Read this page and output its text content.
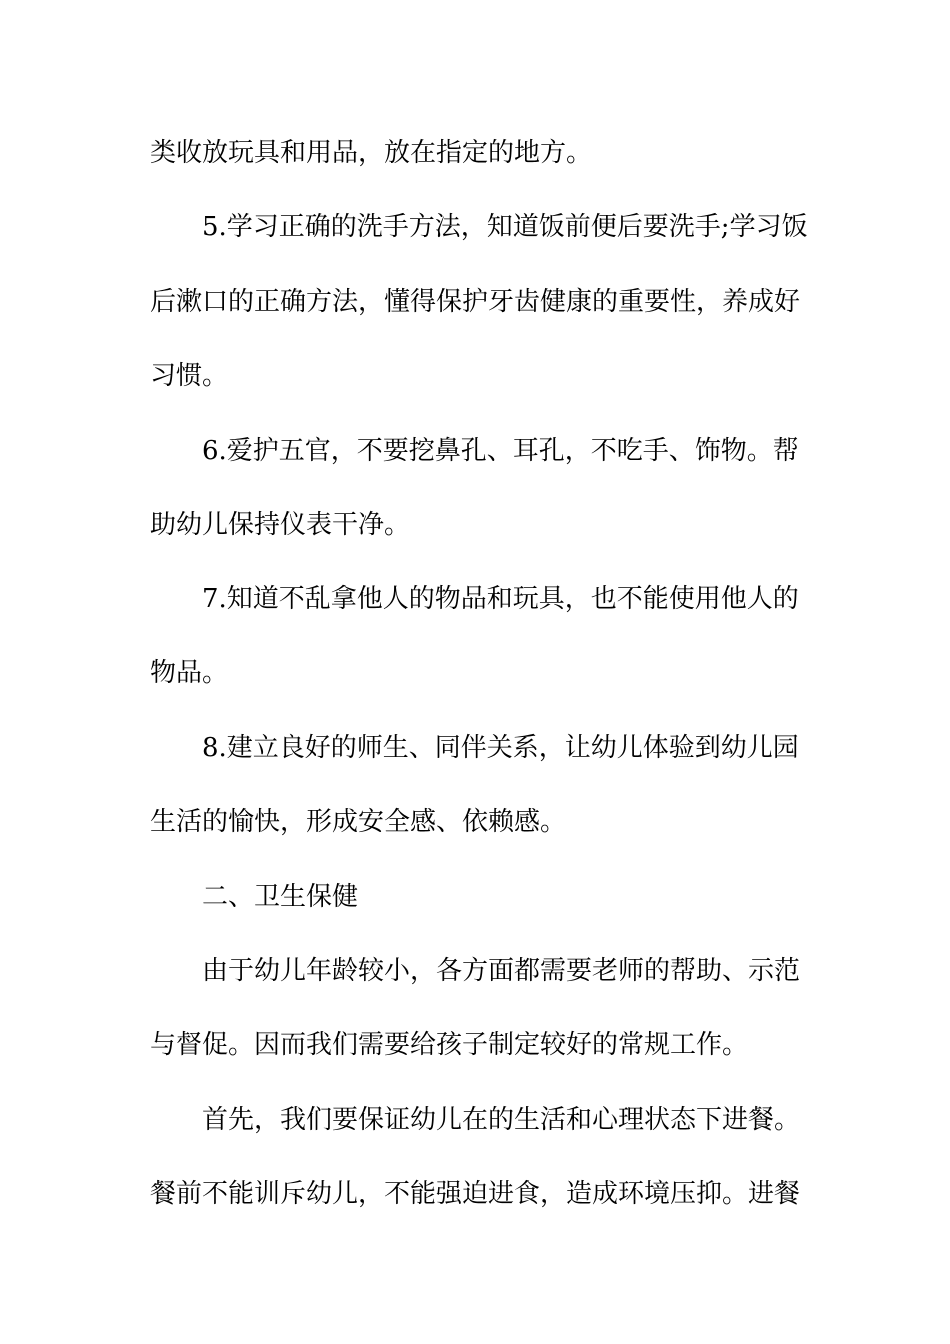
类收放玩具和用品，放在指定的地方。
5.学习正确的洗手方法，知道饭前便后要洗手;学习饭
后漱口的正确方法，懂得保护牙齿健康的重要性，养成好
习惯。
6.爱护五官，不要挖鼻孔、耳孔，不吃手、饰物。帮
助幼儿保持仪表干净。
7.知道不乱拿他人的物品和玩具，也不能使用他人的
物品。
8.建立良好的师生、同伴关系，让幼儿体验到幼儿园
生活的愉快，形成安全感、依赖感。
二、卫生保健
由于幼儿年龄较小，各方面都需要老师的帮助、示范
与督促。因而我们需要给孩子制定较好的常规工作。
首先，我们要保证幼儿在的生活和心理状态下进餐。
餐前不能训斥幼儿，不能强迫进食，造成环境压抑。进餐
